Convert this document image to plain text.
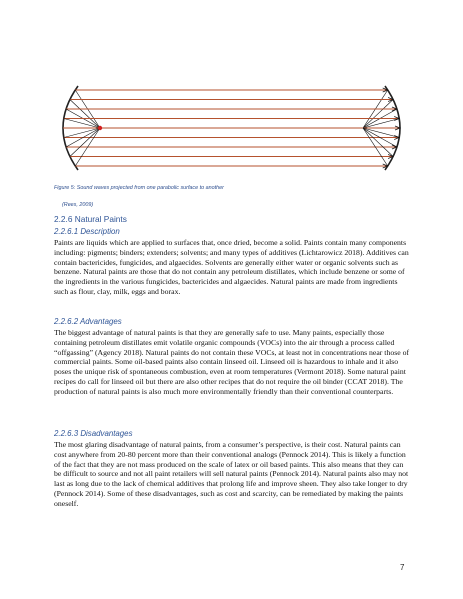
Figure 5: Sound waves projected from one parabolic surface to another
(Rees, 2009)
2.2.6 Natural Paints
2.2.6.1 Description

Paints are liquids which are applied to surfaces that, once dried, become a solid. Paints contain many components including: pigments; binders; extenders; solvents; and many types of additives (Lichtarowicz 2018). Additives can contain bactericides, fungicides, and algaecides. Solvents are generally either water or organic solvents such as benzene. Natural paints are those that do not contain any petroleum distillates, which include benzene or some of the ingredients in the various fungicides, bactericides and algaecides. Natural paints are made from ingredients such as flour, clay, milk, eggs and borax.

2.2.6.2 Advantages

The biggest advantage of natural paints is that they are generally safe to use. Many paints, especially those containing petroleum distillates emit volatile organic compounds (VOCs) into the air through a process called “offgassing” (Agency 2018). Natural paints do not contain these VOCs, at least not in concentrations near those of commercial paints. Some oil-based paints also contain linseed oil. Linseed oil is hazardous to inhale and it also poses the unique risk of spontaneous combustion, even at room temperatures (Vermont 2018). Some natural paint recipes do call for linseed oil but there are also other recipes that do not require the oil binder (CCAT 2018). The production of natural paints is also much more environmentally friendly than their conventional counterparts.

2.2.6.3 Disadvantages

The most glaring disadvantage of natural paints, from a consumer’s perspective, is their cost. Natural paints can cost anywhere from 20-80 percent more than their conventional analogs (Pennock 2014). This is likely a function of the fact that they are not mass produced on the scale of latex or oil based paints. This also means that they can be difficult to source and not all paint retailers will sell natural paints (Pennock 2014). Natural paints also may not last as long due to the lack of chemical additives that prolong life and improve sheen. They also take longer to dry (Pennock 2014). Some of these disadvantages, such as cost and scarcity, can be remediated by making the paints oneself.

7
